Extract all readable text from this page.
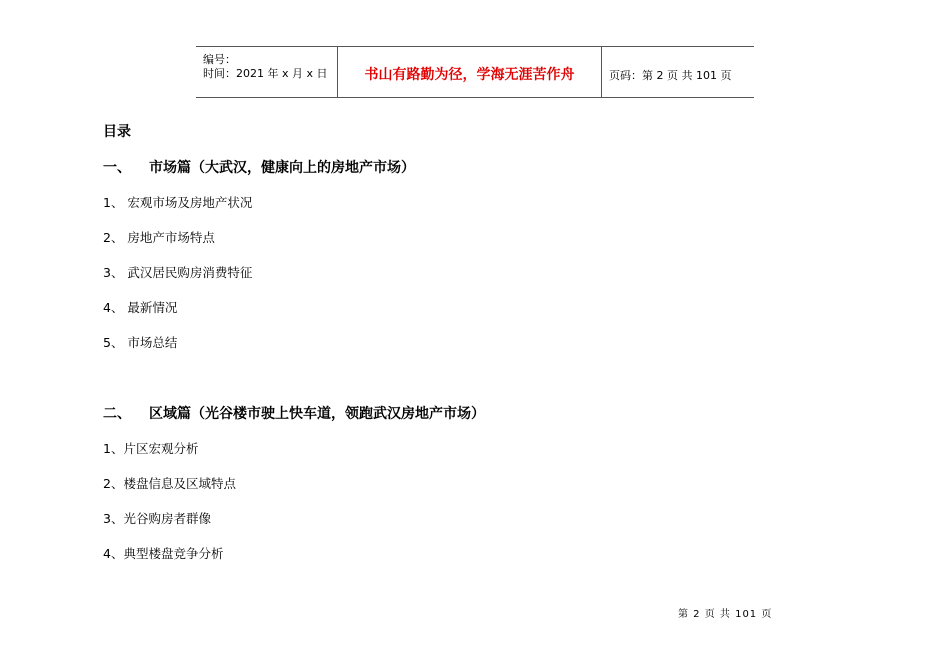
编号：
时间：2021 年 x 月 x 日	书山有路勤为径，学海无涯苦作舟	页码：第 2 页 共 101 页
目录
一、 市场篇（大武汉，健康向上的房地产市场）
1、 宏观市场及房地产状况
2、 房地产市场特点
3、 武汉居民购房消费特征
4、 最新情况
5、 市场总结
二、 区域篇（光谷楼市驶上快车道，领跑武汉房地产市场）
1、片区宏观分析
2、楼盘信息及区域特点
3、光谷购房者群像
4、典型楼盘竞争分析
第 2 页 共 101 页
